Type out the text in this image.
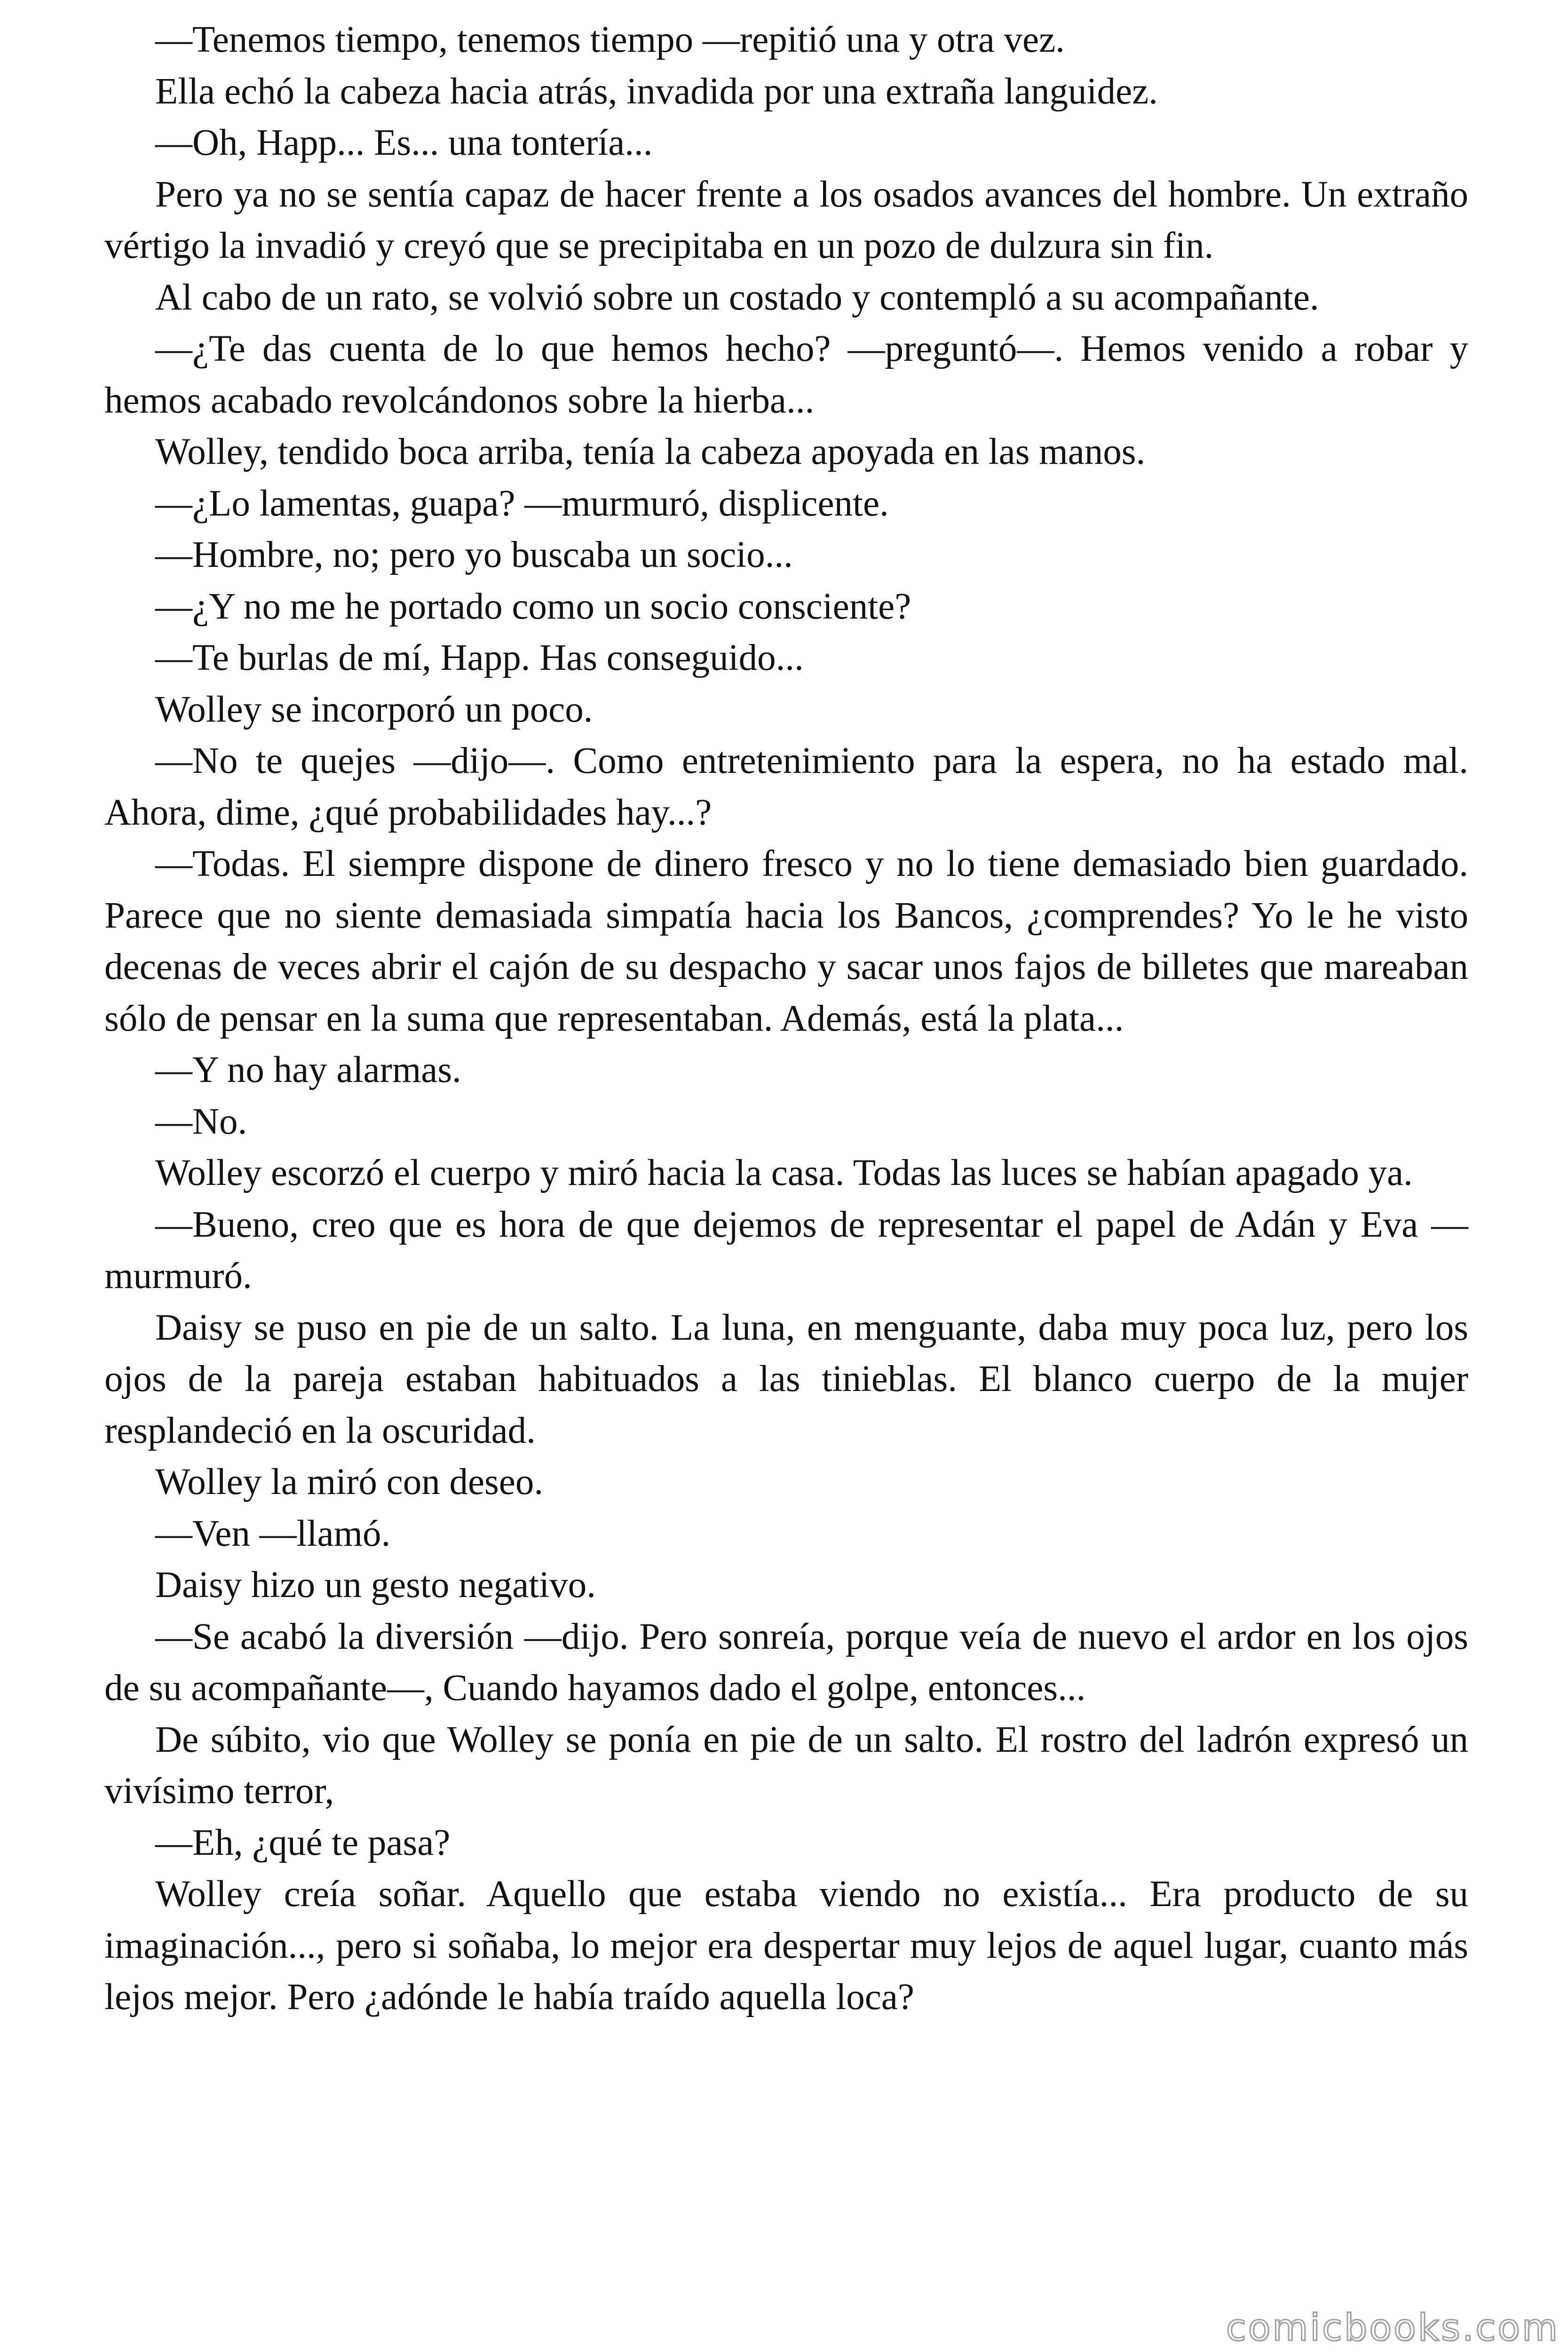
—Tenemos tiempo, tenemos tiempo —repitió una y otra vez.

Ella echó la cabeza hacia atrás, invadida por una extraña languidez.

—Oh, Happ... Es... una tontería...

Pero ya no se sentía capaz de hacer frente a los osados avances del hombre. Un extraño vértigo la invadió y creyó que se precipitaba en un pozo de dulzura sin fin.

Al cabo de un rato, se volvió sobre un costado y contempló a su acompañante.

—¿Te das cuenta de lo que hemos hecho? —preguntó—. Hemos venido a robar y hemos acabado revolcándonos sobre la hierba...

Wolley, tendido boca arriba, tenía la cabeza apoyada en las manos.

—¿Lo lamentas, guapa? —murmuró, displicente.

—Hombre, no; pero yo buscaba un socio...

—¿Y no me he portado como un socio consciente?

—Te burlas de mí, Happ. Has conseguido...

Wolley se incorporó un poco.

—No te quejes —dijo—. Como entretenimiento para la espera, no ha estado mal. Ahora, dime, ¿qué probabilidades hay...?

—Todas. El siempre dispone de dinero fresco y no lo tiene demasiado bien guardado. Parece que no siente demasiada simpatía hacia los Bancos, ¿comprendes? Yo le he visto decenas de veces abrir el cajón de su despacho y sacar unos fajos de billetes que mareaban sólo de pensar en la suma que representaban. Además, está la plata...

—Y no hay alarmas.

—No.

Wolley escorzó el cuerpo y miró hacia la casa. Todas las luces se habían apagado ya.

—Bueno, creo que es hora de que dejemos de representar el papel de Adán y Eva —murmuró.

Daisy se puso en pie de un salto. La luna, en menguante, daba muy poca luz, pero los ojos de la pareja estaban habituados a las tinieblas. El blanco cuerpo de la mujer resplandeció en la oscuridad.

Wolley la miró con deseo.

—Ven —llamó.

Daisy hizo un gesto negativo.

—Se acabó la diversión —dijo. Pero sonreía, porque veía de nuevo el ardor en los ojos de su acompañante—, Cuando hayamos dado el golpe, entonces...

De súbito, vio que Wolley se ponía en pie de un salto. El rostro del ladrón expresó un vivísimo terror,

—Eh, ¿qué te pasa?

Wolley creía soñar. Aquello que estaba viendo no existía... Era producto de su imaginación..., pero si soñaba, lo mejor era despertar muy lejos de aquel lugar, cuanto más lejos mejor. Pero ¿adónde le había traído aquella loca?

comicbooks.com
